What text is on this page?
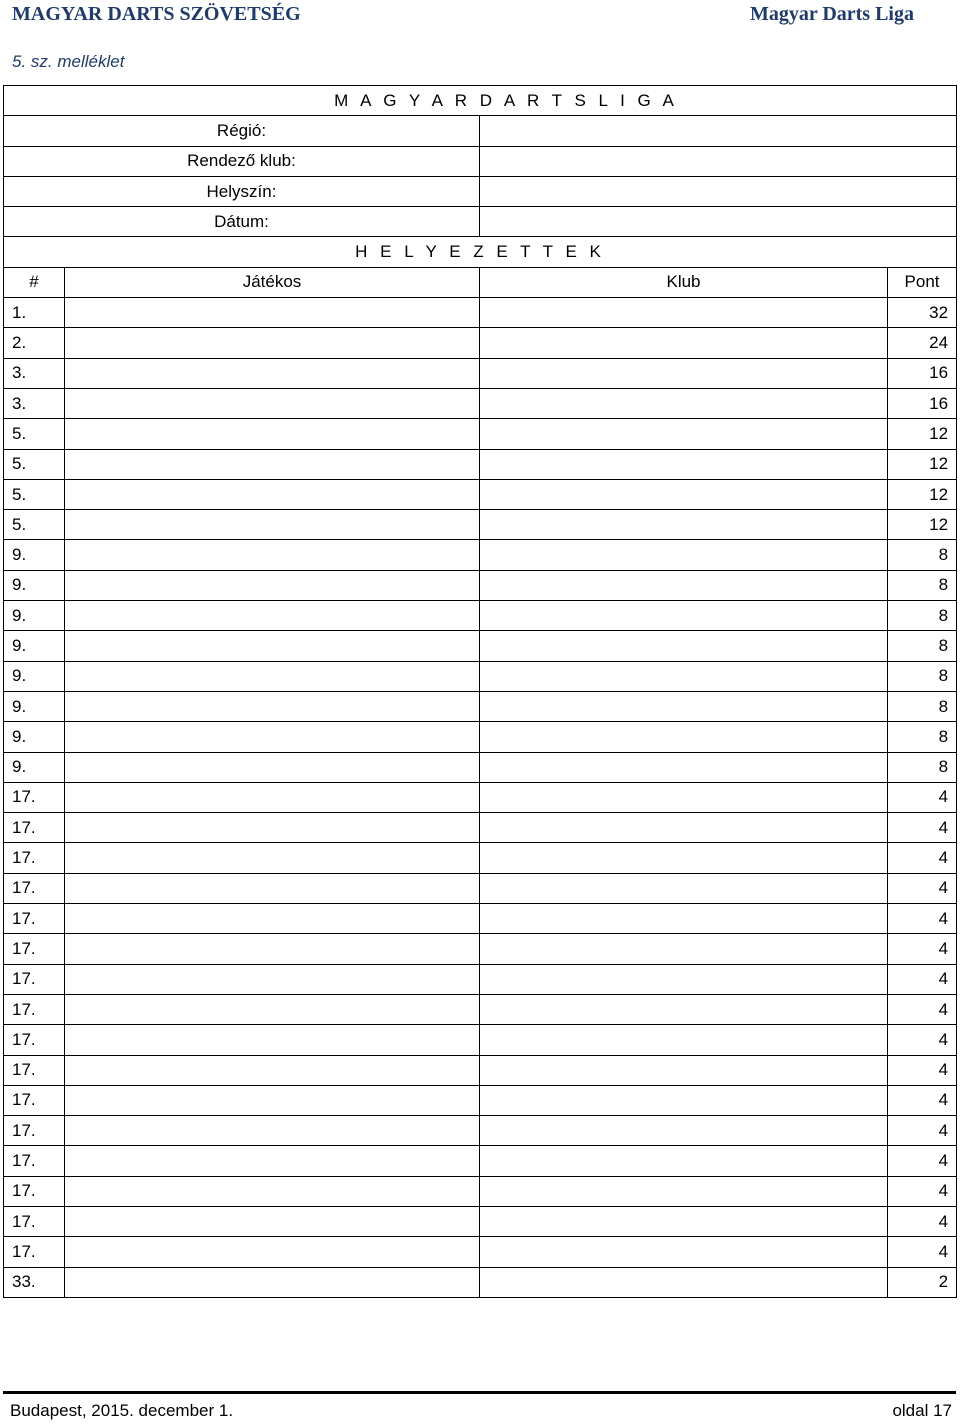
MAGYAR DARTS SZÖVETSÉG	Magyar Darts Liga
5. sz. melléklet
M A G Y A R D A R T S L I G A			
Régió:			
Rendező klub:			
Helyszín:			
Dátum:			
H E L Y E Z E T T E K			
#	Játékos	Klub	Pont
1.			32
2.			24
3.			16
3.			16
5.			12
5.			12
5.			12
5.			12
9.			8
9.			8
9.			8
9.			8
9.			8
9.			8
9.			8
9.			8
17.			4
17.			4
17.			4
17.			4
17.			4
17.			4
17.			4
17.			4
17.			4
17.			4
17.			4
17.			4
17.			4
17.			4
17.			4
17.			4
33.			2
Budapest, 2015. december 1.	oldal 17
